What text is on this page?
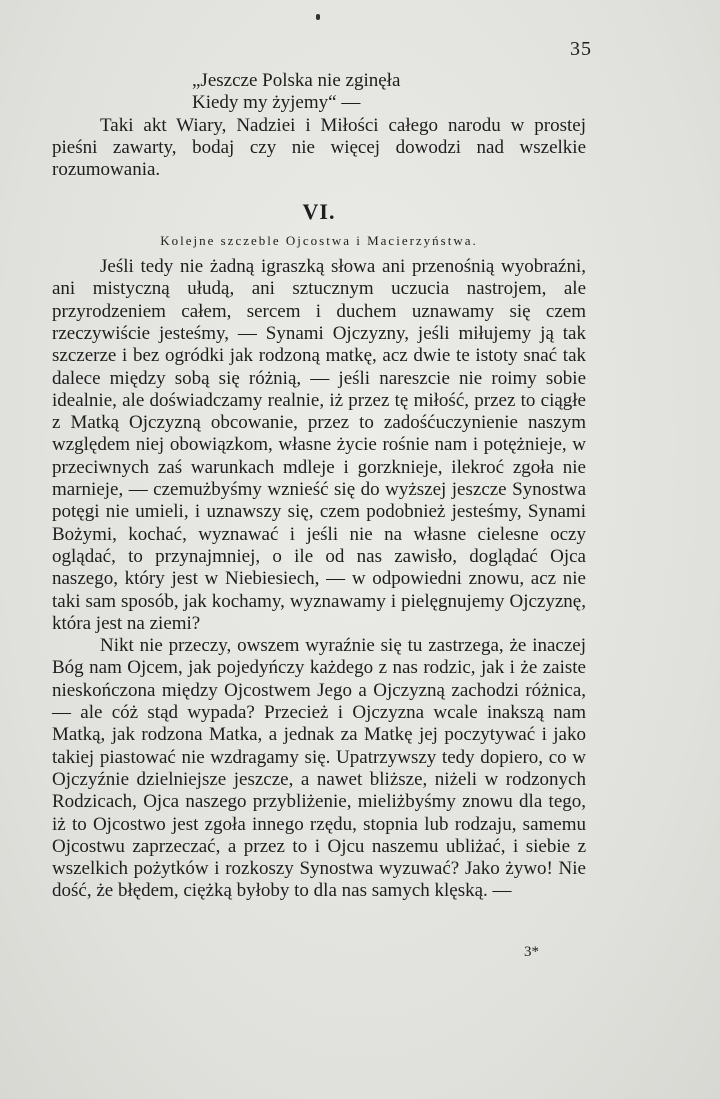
35
„Jeszcze Polska nie zginęła
Kiedy my żyjemy“ —

Taki akt Wiary, Nadziei i Miłości całego narodu w prostej pieśni zawarty, bodaj czy nie więcej dowodzi nad wszelkie rozumowania.

VI.
Kolejne szczeble Ojcostwa i Macierzyństwa.

Jeśli tedy nie żadną igraszką słowa ani przenośnią wyobraźni, ani mistyczną ułudą, ani sztucznym uczucia nastrojem, ale przyrodzeniem całem, sercem i duchem uznawamy się czem rzeczywiście jesteśmy, — Synami Ojczyzny, jeśli miłujemy ją tak szczerze i bez ogródki jak rodzoną matkę, acz dwie te istoty snać tak dalece między sobą się różnią, — jeśli nareszcie nie roimy sobie idealnie, ale doświadczamy realnie, iż przez tę miłość, przez to ciągłe z Matką Ojczyzną obcowanie, przez to zadośćuczynienie naszym względem niej obowiązkom, własne życie rośnie nam i potężnieje, w przeciwnych zaś warunkach mdleje i gorzknieje, ilekroć zgoła nie marnieje, — czemużbyśmy wznieść się do wyższej jeszcze Synostwa potęgi nie umieli, i uznawszy się, czem podobnież jesteśmy, Synami Bożymi, kochać, wyznawać i jeśli nie na własne cielesne oczy oglądać, to przynajmniej, o ile od nas zawisło, doglądać Ojca naszego, który jest w Niebiesiech, — w odpowiedni znowu, acz nie taki sam sposób, jak kochamy, wyznawamy i pielęgnujemy Ojczyznę, która jest na ziemi?

Nikt nie przeczy, owszem wyraźnie się tu zastrzega, że inaczej Bóg nam Ojcem, jak pojedyńczy każdego z nas rodzic, jak i że zaiste nieskończona między Ojcostwem Jego a Ojczyzną zachodzi różnica, — ale cóż stąd wypada? Przecież i Ojczyzna wcale inakszą nam Matką, jak rodzona Matka, a jednak za Matkę jej poczytywać i jako takiej piastować nie wzdragamy się. Upatrzywszy tedy dopiero, co w Ojczyźnie dzielniejsze jeszcze, a nawet bliższe, niżeli w rodzonych Rodzicach, Ojca naszego przybliżenie, mieliżbyśmy znowu dla tego, iż to Ojcostwo jest zgoła innego rzędu, stopnia lub rodzaju, samemu Ojcostwu zaprzeczać, a przez to i Ojcu naszemu ubliżać, i siebie z wszelkich pożytków i rozkoszy Synostwa wyzuwać? Jako żywo! Nie dość, że błędem, ciężką byłoby to dla nas samych klęską. —

3*
